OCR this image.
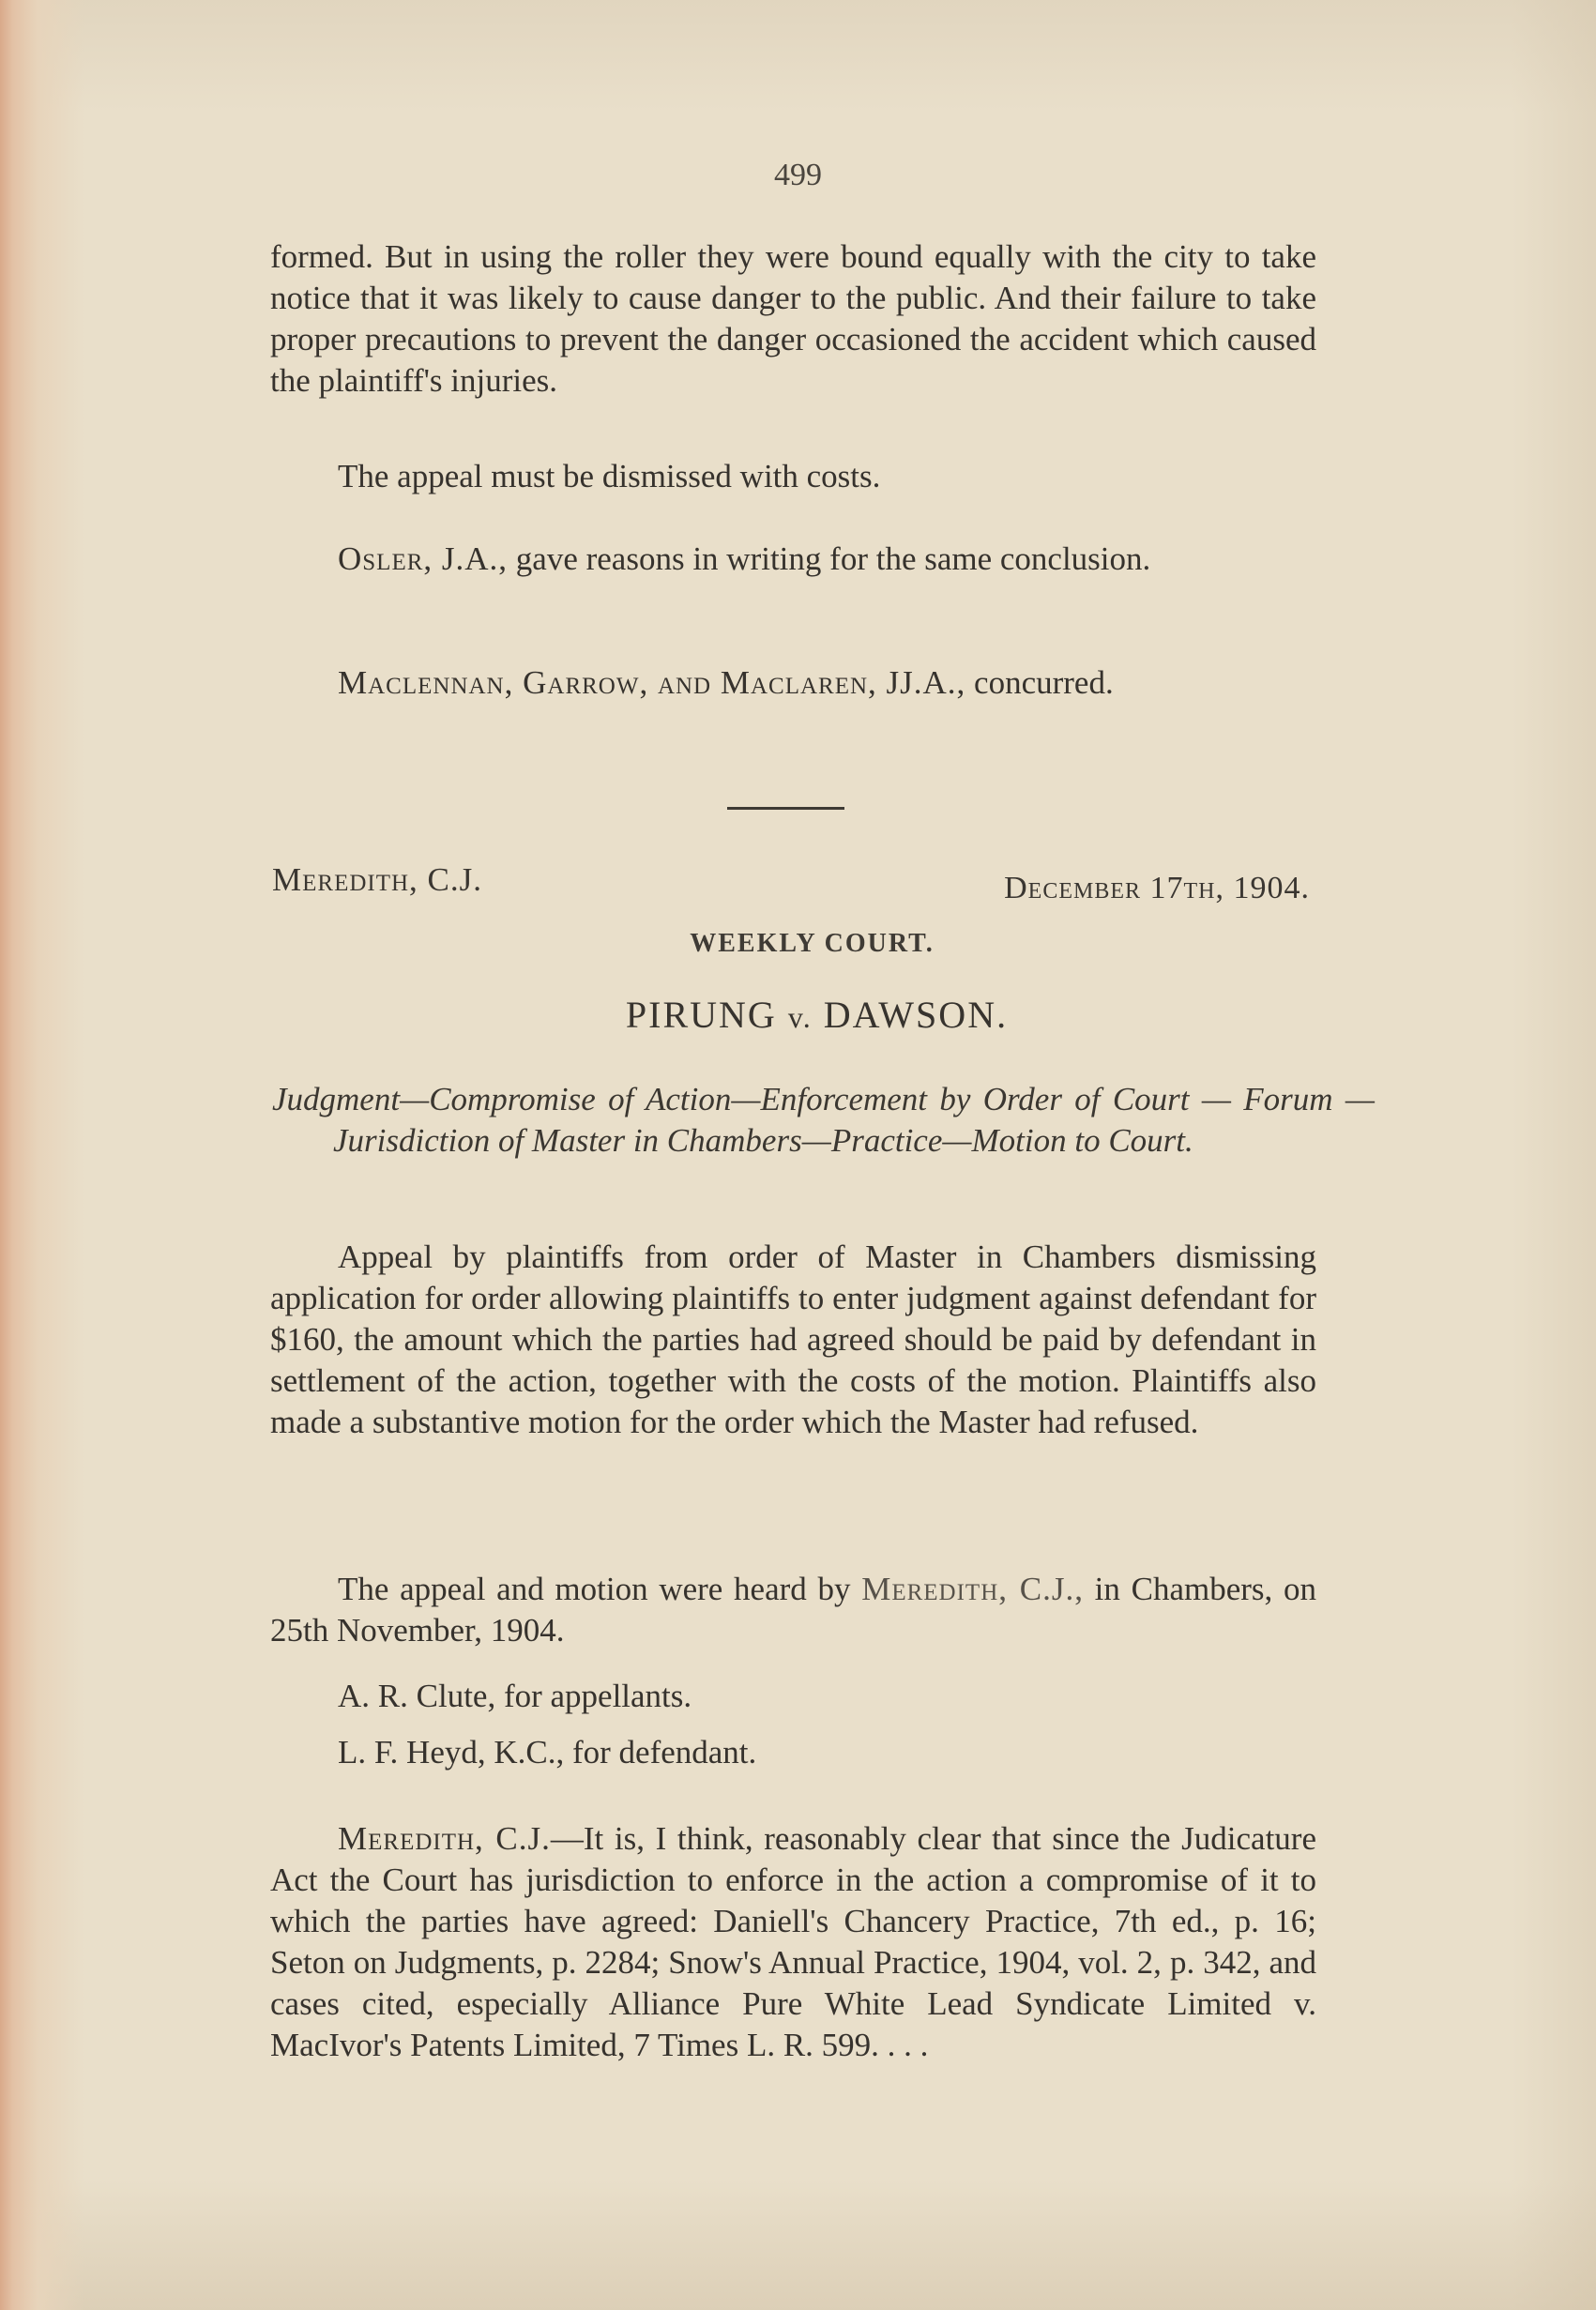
499

formed. But in using the roller they were bound equally with the city to take notice that it was likely to cause danger to the public. And their failure to take proper precautions to prevent the danger occasioned the accident which caused the plaintiff's injuries.

The appeal must be dismissed with costs.

Osler, J.A., gave reasons in writing for the same conclusion.

Maclennan, Garrow, and Maclaren, JJ.A., concurred.

Meredith, C.J.	December 17th, 1904.
WEEKLY COURT.
PIRUNG v. DAWSON.
Judgment—Compromise of Action—Enforcement by Order of Court — Forum — Jurisdiction of Master in Chambers—Practice—Motion to Court.

Appeal by plaintiffs from order of Master in Chambers dismissing application for order allowing plaintiffs to enter judgment against defendant for $160, the amount which the parties had agreed should be paid by defendant in settlement of the action, together with the costs of the motion. Plaintiffs also made a substantive motion for the order which the Master had refused.

The appeal and motion were heard by Meredith, C.J., in Chambers, on 25th November, 1904.

A. R. Clute, for appellants.

L. F. Heyd, K.C., for defendant.

Meredith, C.J.—It is, I think, reasonably clear that since the Judicature Act the Court has jurisdiction to enforce in the action a compromise of it to which the parties have agreed: Daniell's Chancery Practice, 7th ed., p. 16; Seton on Judgments, p. 2284; Snow's Annual Practice, 1904, vol. 2, p. 342, and cases cited, especially Alliance Pure White Lead Syndicate Limited v. MacIvor's Patents Limited, 7 Times L. R. 599. . . .
